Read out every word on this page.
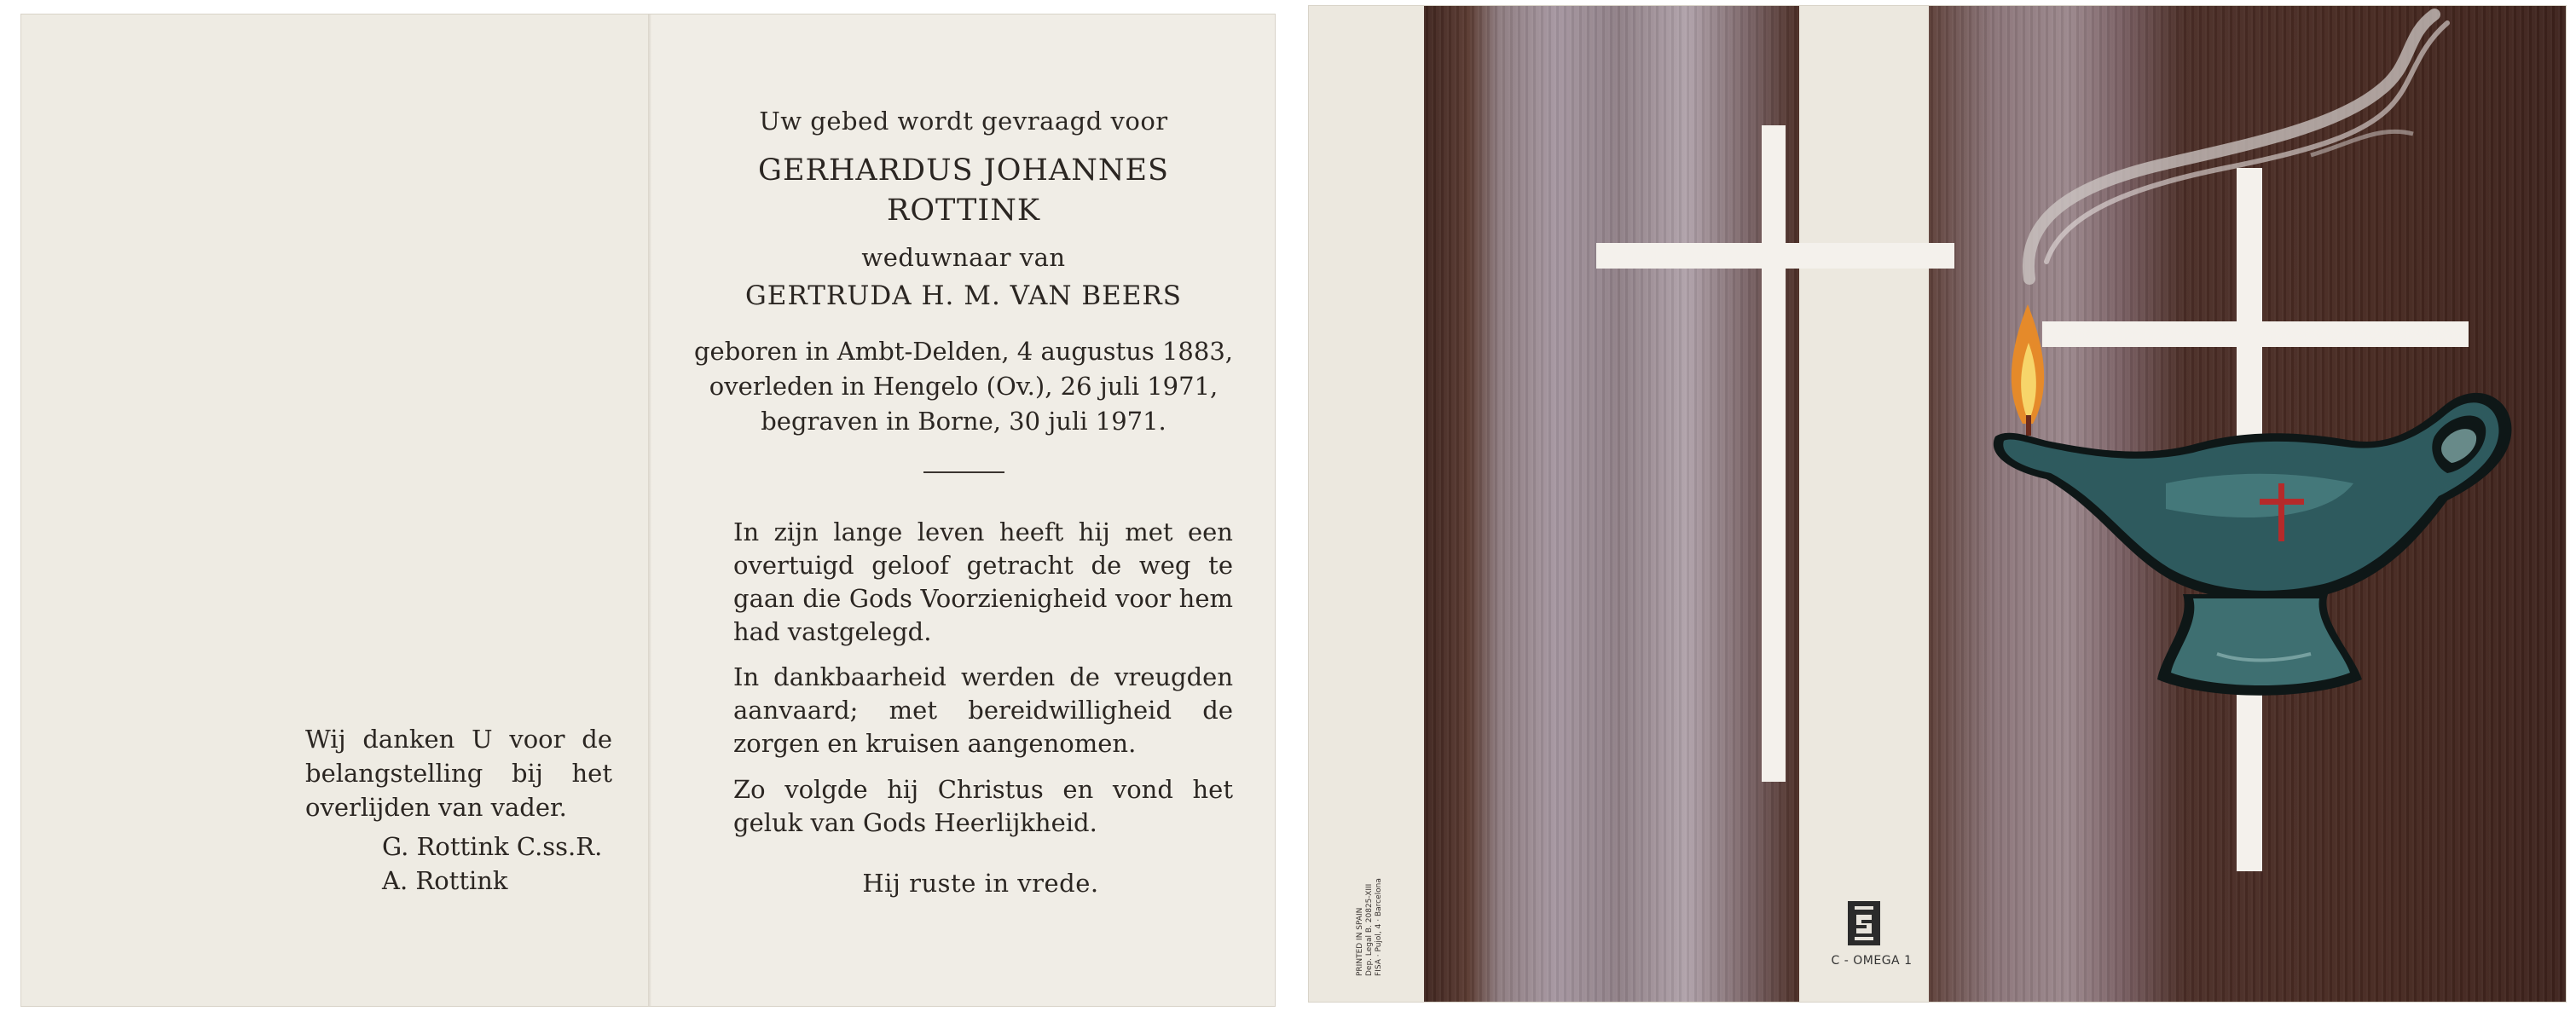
Wij danken U voor de belangstelling bij het overlijden van vader.
G. Rottink C.ss.R.
A. Rottink
Uw gebed wordt gevraagd voor
GERHARDUS JOHANNES
ROTTINK
weduwnaar van
GERTRUDA H. M. VAN BEERS
geboren in Ambt-Delden, 4 augustus 1883,
overleden in Hengelo (Ov.), 26 juli 1971,
begraven in Borne, 30 juli 1971.
In zijn lange leven heeft hij met een overtuigd geloof getracht de weg te gaan die Gods Voorzienigheid voor hem had vastgelegd.
In dankbaarheid werden de vreugden aanvaard; met bereidwilligheid de zorgen en kruisen aangenomen.
Zo volgde hij Christus en vond het geluk van Gods Heerlijkheid.
Hij ruste in vrede.
PRINTED IN SPAIN Dep. Legal B. 20825-XIII FISA · Pujol, 4 · Barcelona	C - OMEGA 1
